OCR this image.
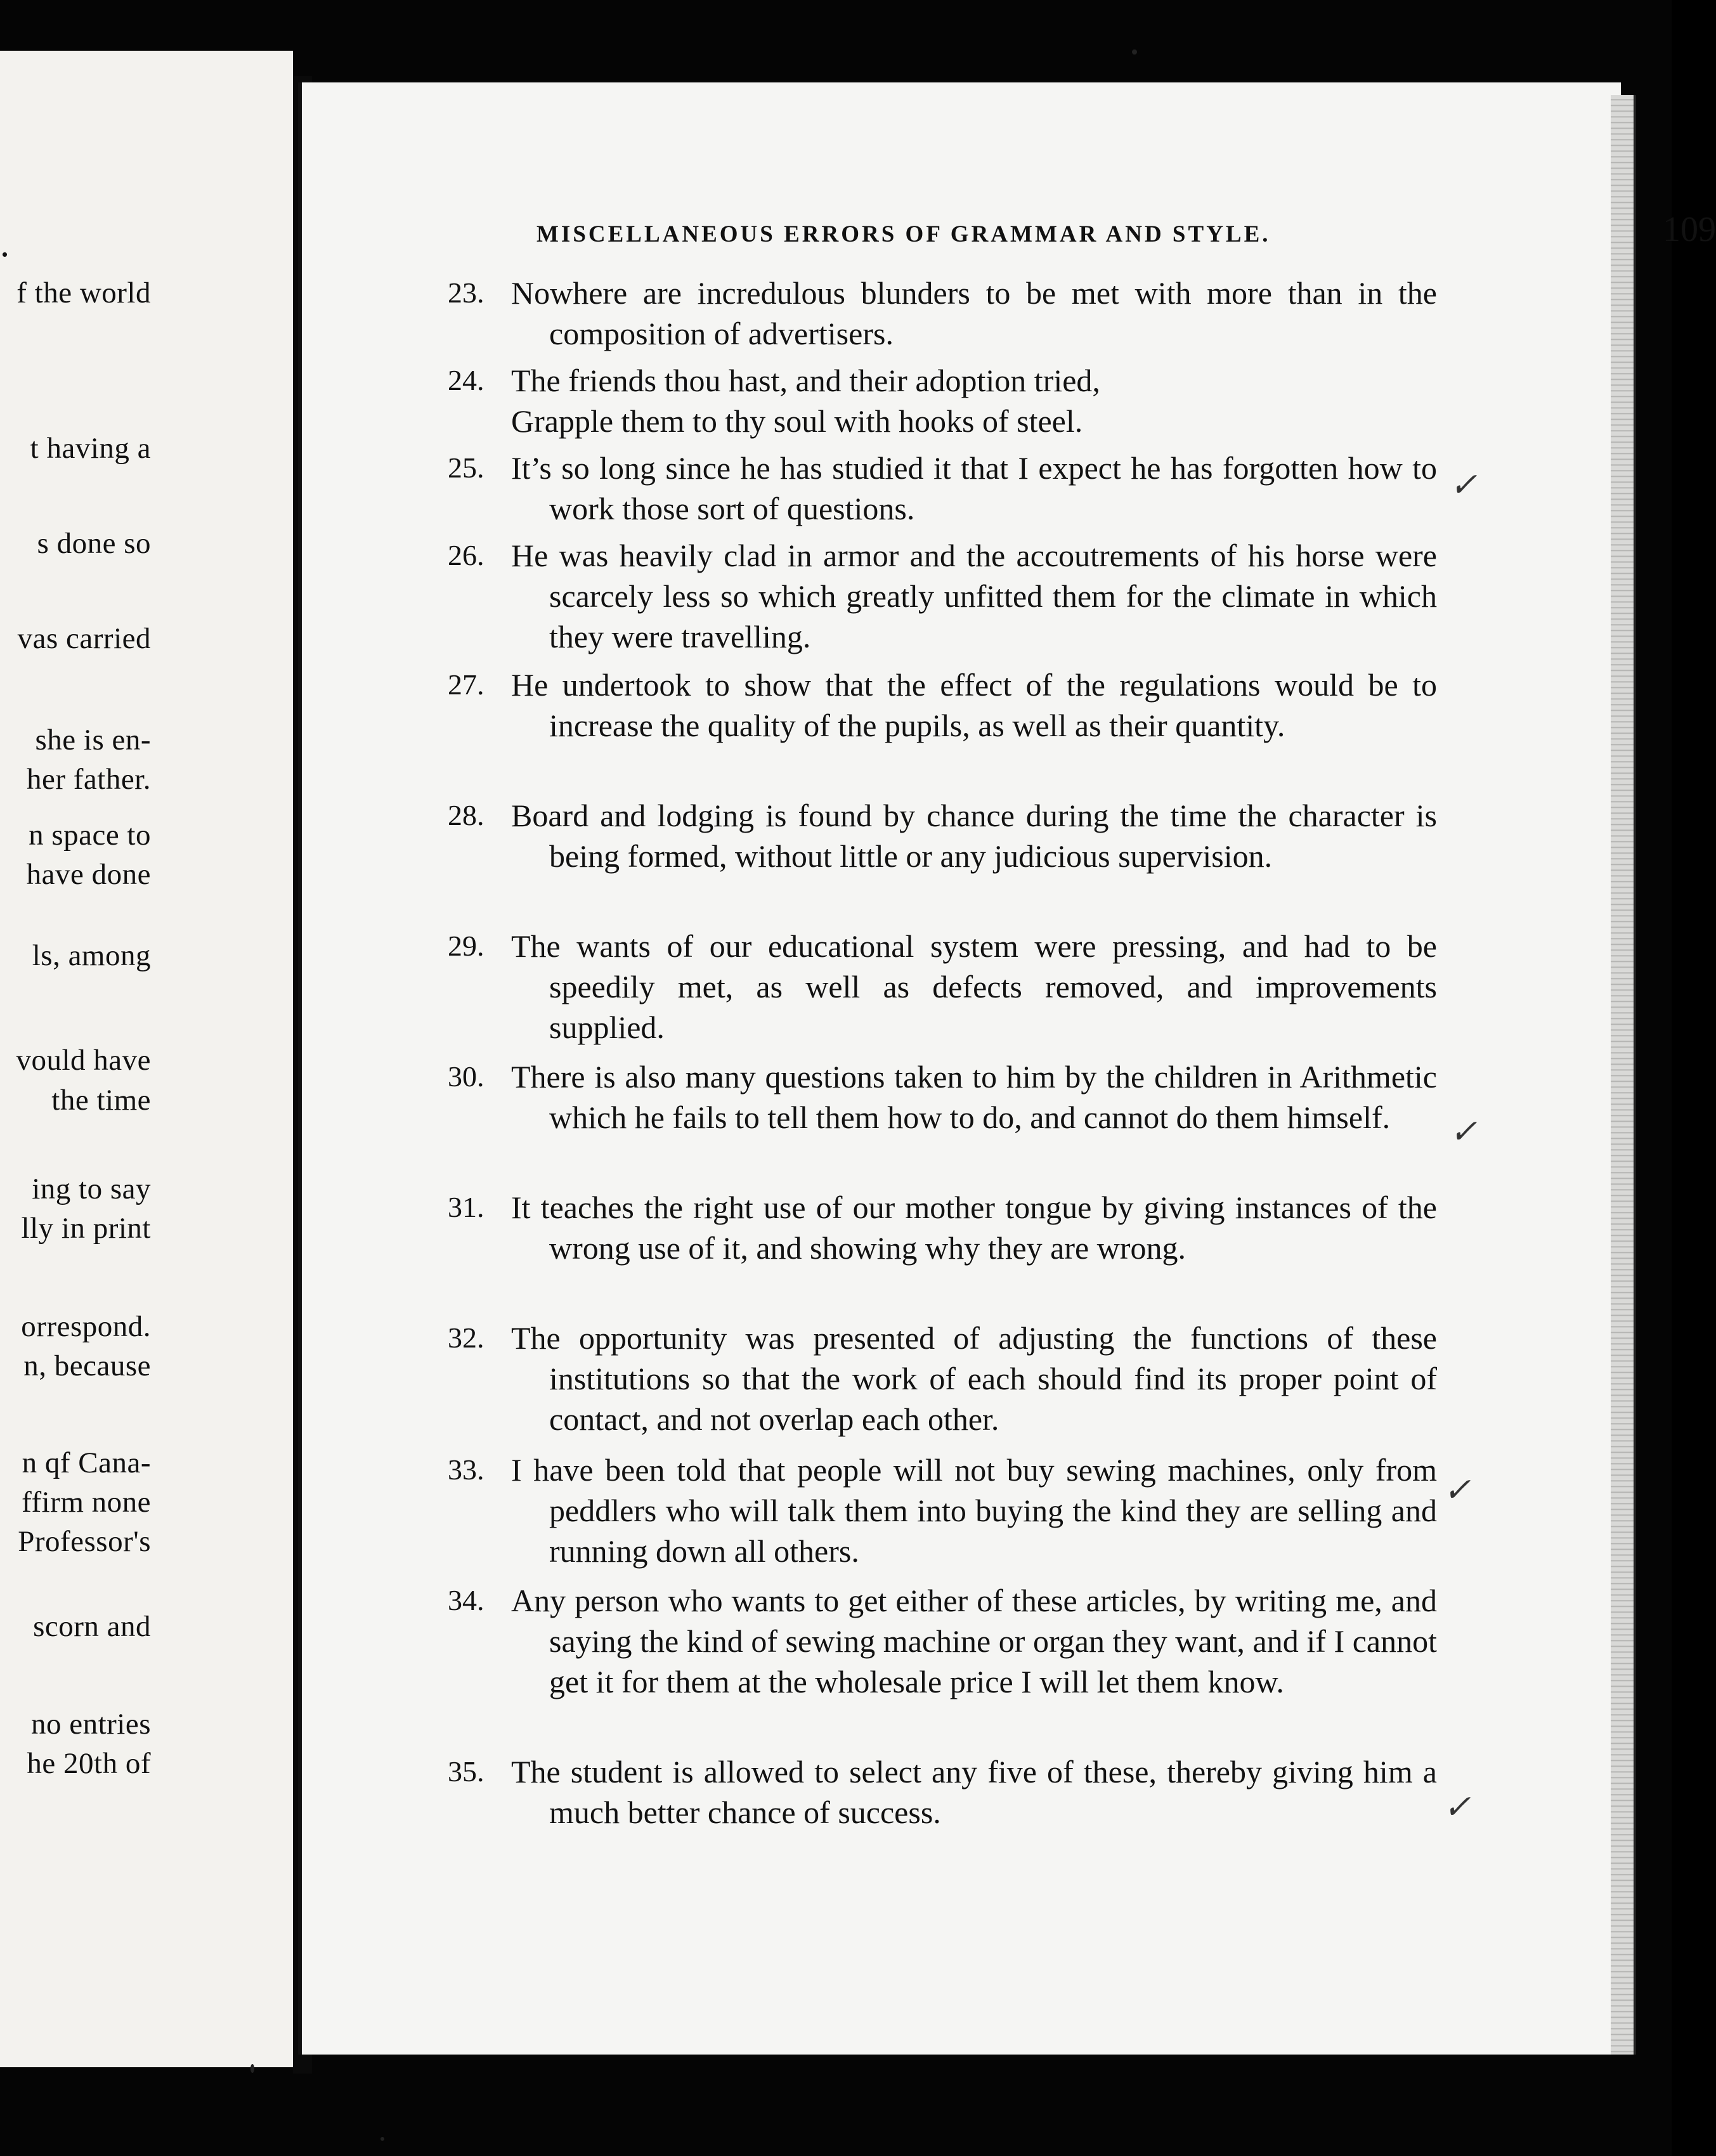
.
f the world
t having a
s done so
vas carried
she is en-
her father.
n space to
have done
ls, among
vould have
the time
ing to say
lly in print
orrespond.
n, because
n qf Cana-
ffirm none
Professor's
scorn and
no entries
he 20th of
MISCELLANEOUS ERRORS OF GRAMMAR AND STYLE.	109
23. Nowhere are incredulous blunders to be met with more than in the composition of advertisers.
24. The friends thou hast, and their adoption tried,
Grapple them to thy soul with hooks of steel.
25. It’s so long since he has studied it that I expect he has forgotten how to work those sort of questions.
26. He was heavily clad in armor and the accoutrements of his horse were scarcely less so which greatly unfitted them for the climate in which they were travelling.
27. He undertook to show that the effect of the regulations would be to increase the quality of the pupils, as well as their quantity.
28. Board and lodging is found by chance during the time the character is being formed, without little or any judicious supervision.
29. The wants of our educational system were pressing, and had to be speedily met, as well as defects removed, and improvements supplied.
30. There is also many questions taken to him by the children in Arithmetic which he fails to tell them how to do, and cannot do them himself.
31. It teaches the right use of our mother tongue by giving instances of the wrong use of it, and showing why they are wrong.
32. The opportunity was presented of adjusting the functions of these institutions so that the work of each should find its proper point of contact, and not overlap each other.
33. I have been told that people will not buy sewing machines, only from peddlers who will talk them into buying the kind they are selling and running down all others.
34. Any person who wants to get either of these articles, by writing me, and saying the kind of sewing machine or organ they want, and if I cannot get it for them at the wholesale price I will let them know.
35. The student is allowed to select any five of these, thereby giving him a much better chance of success.
✓
✓
✓
✓
